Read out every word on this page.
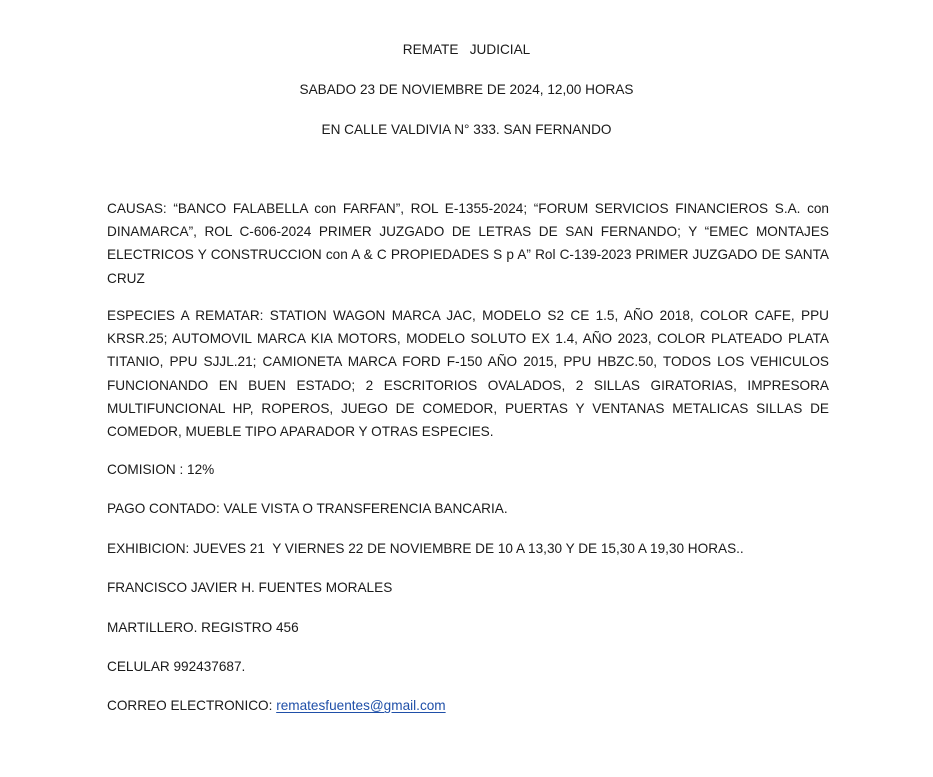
REMATE   JUDICIAL
SABADO 23 DE NOVIEMBRE DE 2024, 12,00 HORAS
EN CALLE VALDIVIA N° 333. SAN FERNANDO

CAUSAS: “BANCO FALABELLA con FARFAN”, ROL E-1355-2024; “FORUM SERVICIOS FINANCIEROS S.A. con DINAMARCA”, ROL C-606-2024 PRIMER JUZGADO DE LETRAS DE SAN FERNANDO; Y “EMEC MONTAJES ELECTRICOS Y CONSTRUCCION con A & C PROPIEDADES S p A” Rol C-139-2023 PRIMER JUZGADO DE SANTA CRUZ

ESPECIES A REMATAR: STATION WAGON MARCA JAC, MODELO S2 CE 1.5, AÑO 2018, COLOR CAFE, PPU KRSR.25; AUTOMOVIL MARCA KIA MOTORS, MODELO SOLUTO EX 1.4, AÑO 2023, COLOR PLATEADO PLATA TITANIO, PPU SJJL.21; CAMIONETA MARCA FORD F-150 AÑO 2015, PPU HBZC.50, TODOS LOS VEHICULOS FUNCIONANDO EN BUEN ESTADO; 2 ESCRITORIOS OVALADOS, 2 SILLAS GIRATORIAS, IMPRESORA MULTIFUNCIONAL HP, ROPEROS, JUEGO DE COMEDOR, PUERTAS Y VENTANAS METALICAS SILLAS DE COMEDOR, MUEBLE TIPO APARADOR Y OTRAS ESPECIES.

COMISION : 12%

PAGO CONTADO: VALE VISTA O TRANSFERENCIA BANCARIA.

EXHIBICION: JUEVES 21  Y VIERNES 22 DE NOVIEMBRE DE 10 A 13,30 Y DE 15,30 A 19,30 HORAS..

FRANCISCO JAVIER H. FUENTES MORALES

MARTILLERO. REGISTRO 456

CELULAR 992437687.

CORREO ELECTRONICO: rematesfuentes@gmail.com
